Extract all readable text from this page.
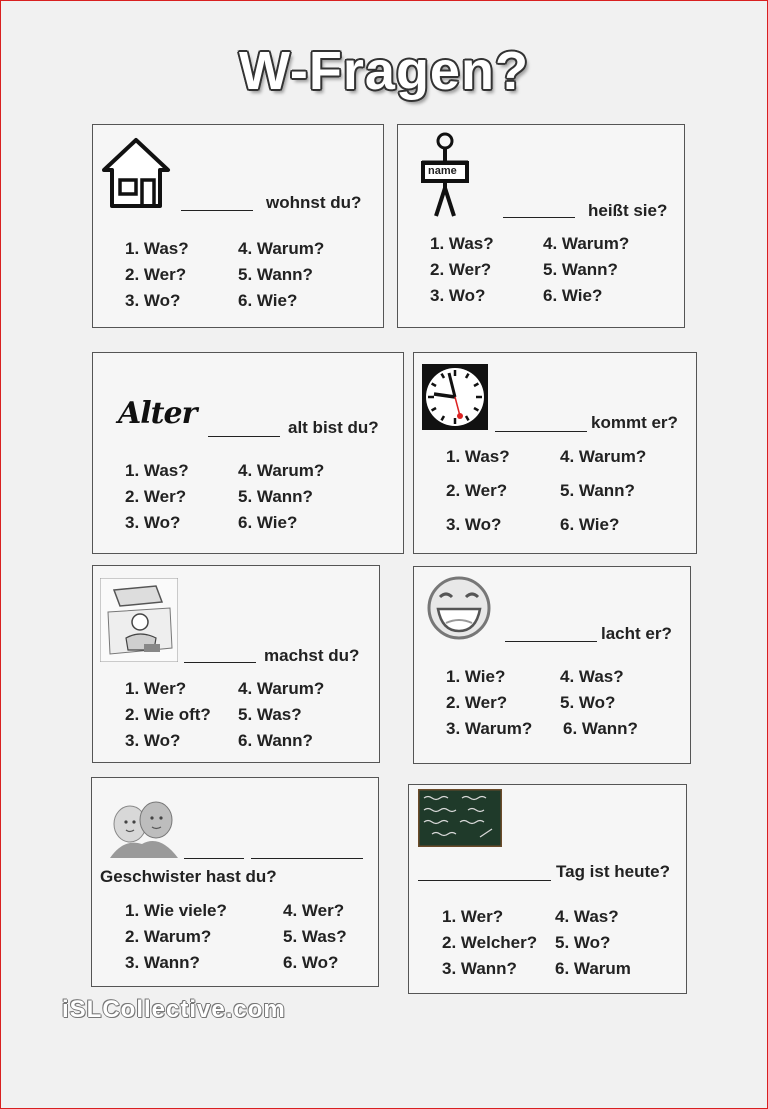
W-Fragen?
wohnst du?
1. Was?
2. Wer?
3. Wo?
4. Warum?
5. Wann?
6. Wie?
name
heißt sie?
1. Was?
2. Wer?
3. Wo?
4. Warum?
5. Wann?
6. Wie?
Alter	alt bist du?
1. Was?
2. Wer?
3. Wo?
4. Warum?
5. Wann?
6. Wie?
kommt er?
1. Was?
2. Wer?
3. Wo?
4. Warum?
5. Wann?
6. Wie?
machst du?
1. Wer?
2. Wie oft?
3. Wo?
4. Warum?
5. Was?
6. Wann?
lacht er?
1. Wie?
2. Wer?
3. Warum?
4. Was?
5. Wo?
6. Wann?
Geschwister hast du?
1. Wie viele?
2. Warum?
3. Wann?
4. Wer?
5. Was?
6. Wo?
Tag ist heute?
1. Wer?
2. Welcher?
3. Wann?
4. Was?
5. Wo?
6. Warum
iSLCollective.com
